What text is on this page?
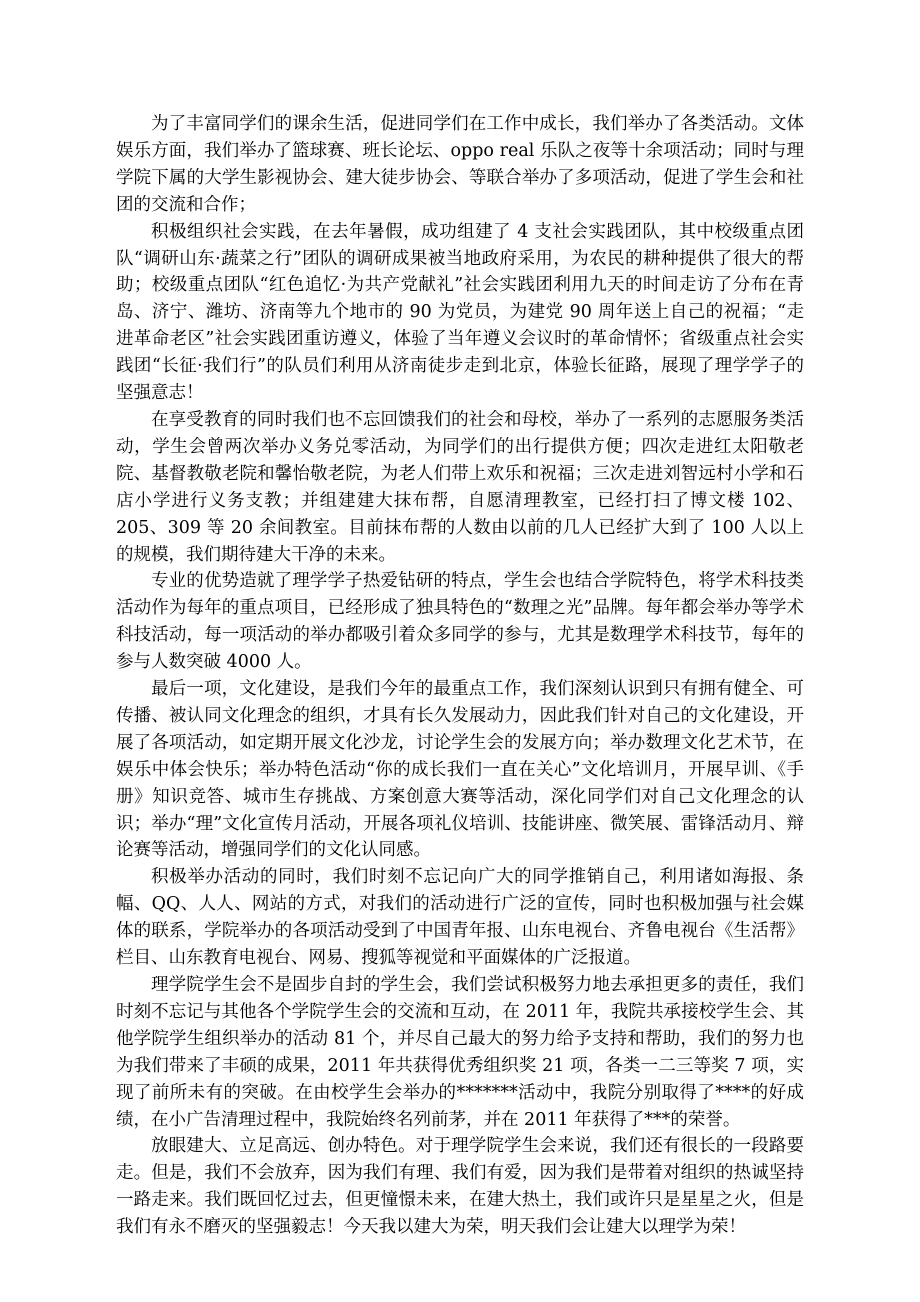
为了丰富同学们的课余生活，促进同学们在工作中成长，我们举办了各类活动。文体娱乐方面，我们举办了篮球赛、班长论坛、oppo real 乐队之夜等十余项活动；同时与理学院下属的大学生影视协会、建大徒步协会、等联合举办了多项活动，促进了学生会和社团的交流和合作；

积极组织社会实践，在去年暑假，成功组建了 4 支社会实践团队，其中校级重点团队“调研山东·蔬菜之行”团队的调研成果被当地政府采用，为农民的耕种提供了很大的帮助；校级重点团队“红色追忆·为共产党献礼”社会实践团利用九天的时间走访了分布在青岛、济宁、潍坊、济南等九个地市的 90 为党员，为建党 90 周年送上自己的祝福；“走进革命老区”社会实践团重访遵义，体验了当年遵义会议时的革命情怀；省级重点社会实践团“长征·我们行”的队员们利用从济南徒步走到北京，体验长征路，展现了理学学子的坚强意志！

在享受教育的同时我们也不忘回馈我们的社会和母校，举办了一系列的志愿服务类活动，学生会曾两次举办义务兑零活动，为同学们的出行提供方便；四次走进红太阳敬老院、基督教敬老院和馨怡敬老院，为老人们带上欢乐和祝福；三次走进刘智远村小学和石店小学进行义务支教；并组建建大抹布帮，自愿清理教室，已经打扫了博文楼 102、205、309 等 20 余间教室。目前抹布帮的人数由以前的几人已经扩大到了 100 人以上的规模，我们期待建大干净的未来。

专业的优势造就了理学学子热爱钻研的特点，学生会也结合学院特色，将学术科技类活动作为每年的重点项目，已经形成了独具特色的“数理之光”品牌。每年都会举办等学术科技活动，每一项活动的举办都吸引着众多同学的参与，尤其是数理学术科技节，每年的参与人数突破 4000 人。

最后一项，文化建设，是我们今年的最重点工作，我们深刻认识到只有拥有健全、可传播、被认同文化理念的组织，才具有长久发展动力，因此我们针对自己的文化建设，开展了各项活动，如定期开展文化沙龙，讨论学生会的发展方向；举办数理文化艺术节，在娱乐中体会快乐；举办特色活动“你的成长我们一直在关心”文化培训月，开展早训、《手册》知识竞答、城市生存挑战、方案创意大赛等活动，深化同学们对自己文化理念的认识；举办“理”文化宣传月活动，开展各项礼仪培训、技能讲座、微笑展、雷锋活动月、辩论赛等活动，增强同学们的文化认同感。

积极举办活动的同时，我们时刻不忘记向广大的同学推销自己，利用诸如海报、条幅、QQ、人人、网站的方式，对我们的活动进行广泛的宣传，同时也积极加强与社会媒体的联系，学院举办的各项活动受到了中国青年报、山东电视台、齐鲁电视台《生活帮》栏目、山东教育电视台、网易、搜狐等视觉和平面媒体的广泛报道。

理学院学生会不是固步自封的学生会，我们尝试积极努力地去承担更多的责任，我们时刻不忘记与其他各个学院学生会的交流和互动，在 2011 年，我院共承接校学生会、其他学院学生组织举办的活动 81 个，并尽自己最大的努力给予支持和帮助，我们的努力也为我们带来了丰硕的成果，2011 年共获得优秀组织奖 21 项，各类一二三等奖 7 项，实现了前所未有的突破。在由校学生会举办的*******活动中，我院分别取得了****的好成绩，在小广告清理过程中，我院始终名列前茅，并在 2011 年获得了***的荣誉。

放眼建大、立足高远、创办特色。对于理学院学生会来说，我们还有很长的一段路要走。但是，我们不会放弃，因为我们有理、我们有爱，因为我们是带着对组织的热诚坚持一路走来。我们既回忆过去，但更憧憬未来，在建大热土，我们或许只是星星之火，但是我们有永不磨灭的坚强毅志！今天我以建大为荣，明天我们会让建大以理学为荣！
